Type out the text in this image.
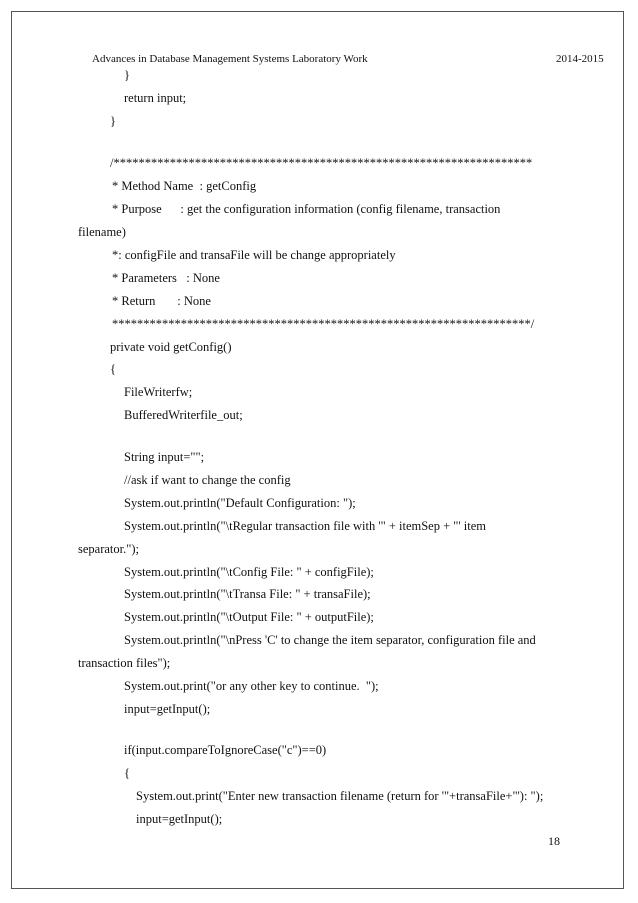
Advances in Database Management Systems Laboratory Work	2014-2015
}
return input;
}
/*******************************************************************
* Method Name  : getConfig
* Purpose      : get the configuration information (config filename, transaction
filename)
*: configFile and transaFile will be change appropriately
* Parameters   : None
* Return       : None
*******************************************************************/
private void getConfig()
{
FileWriterfw;
BufferedWriterfile_out;
String input="";
//ask if want to change the config
System.out.println("Default Configuration: ");
System.out.println("\tRegular transaction file with '" + itemSep + "' item
separator.");
System.out.println("\tConfig File: " + configFile);
System.out.println("\tTransa File: " + transaFile);
System.out.println("\tOutput File: " + outputFile);
System.out.println("\nPress 'C' to change the item separator, configuration file and
transaction files");
System.out.print("or any other key to continue.  ");
input=getInput();
if(input.compareToIgnoreCase("c")==0)
{
System.out.print("Enter new transaction filename (return for '"+transaFile+"'): ");
input=getInput();
18
